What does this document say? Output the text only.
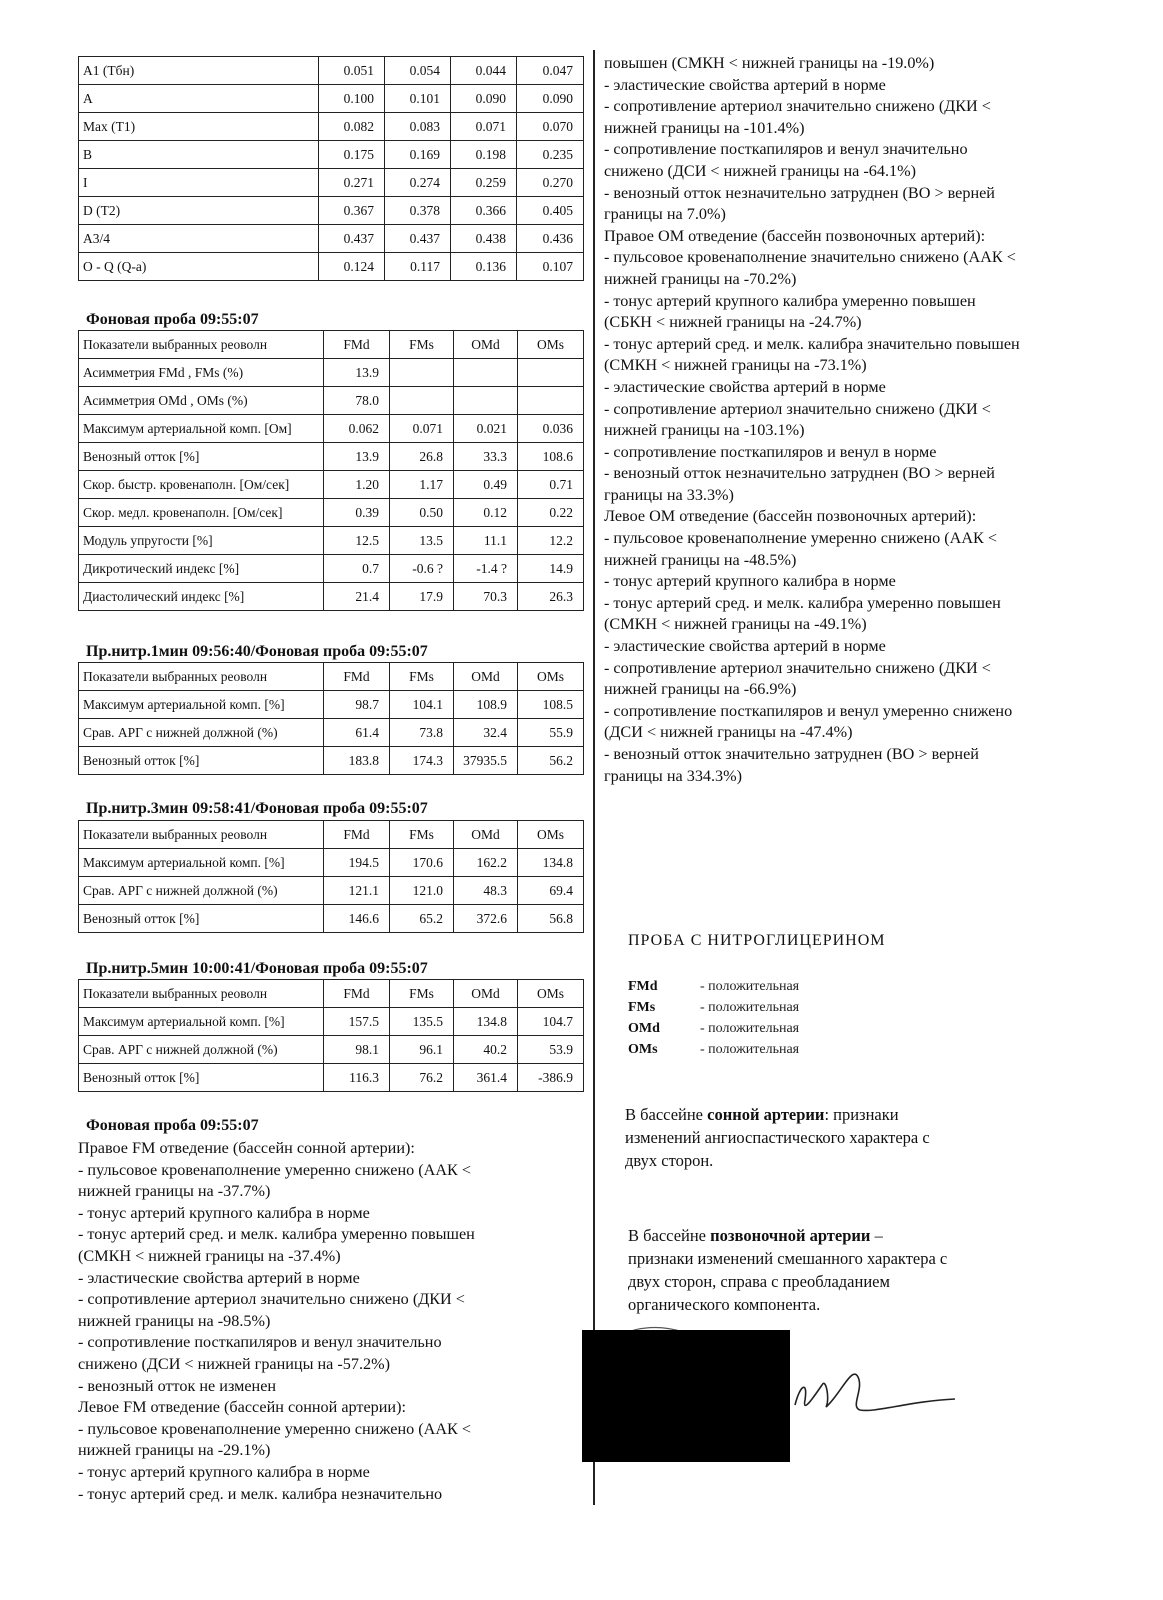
A1 (Тбн)	0.051	0.054	0.044	0.047
A	0.100	0.101	0.090	0.090
Max (T1)	0.082	0.083	0.071	0.070
B	0.175	0.169	0.198	0.235
I	0.271	0.274	0.259	0.270
D (T2)	0.367	0.378	0.366	0.405
A3/4	0.437	0.437	0.438	0.436
O - Q (Q-a)	0.124	0.117	0.136	0.107
Фоновая проба 09:55:07
Показатели выбранных реоволн	FMd	FMs	OMd	OMs
Асимметрия FMd , FMs (%)	13.9			
Асимметрия OMd , OMs (%)	78.0			
Максимум артериальной комп. [Ом]	0.062	0.071	0.021	0.036
Венозный отток [%]	13.9	26.8	33.3	108.6
Скор. быстр. кровенаполн. [Ом/сек]	1.20	1.17	0.49	0.71
Скор. медл. кровенаполн. [Ом/сек]	0.39	0.50	0.12	0.22
Модуль упругости [%]	12.5	13.5	11.1	12.2
Дикротический индекс [%]	0.7	-0.6 ?	-1.4 ?	14.9
Диастолический индекс [%]	21.4	17.9	70.3	26.3
Пр.нитр.1мин 09:56:40/Фоновая проба 09:55:07
Показатели выбранных реоволн	FMd	FMs	OMd	OMs
Максимум артериальной комп. [%]	98.7	104.1	108.9	108.5
Срав. АРГ с нижней должной (%)	61.4	73.8	32.4	55.9
Венозный отток [%]	183.8	174.3	37935.5	56.2
Пр.нитр.3мин 09:58:41/Фоновая проба 09:55:07
Показатели выбранных реоволн	FMd	FMs	OMd	OMs
Максимум артериальной комп. [%]	194.5	170.6	162.2	134.8
Срав. АРГ с нижней должной (%)	121.1	121.0	48.3	69.4
Венозный отток [%]	146.6	65.2	372.6	56.8
Пр.нитр.5мин 10:00:41/Фоновая проба 09:55:07
Показатели выбранных реоволн	FMd	FMs	OMd	OMs
Максимум артериальной комп. [%]	157.5	135.5	134.8	104.7
Срав. АРГ с нижней должной (%)	98.1	96.1	40.2	53.9
Венозный отток [%]	116.3	76.2	361.4	-386.9
Фоновая проба 09:55:07
Правое FM отведение (бассейн сонной артерии):
- пульсовое кровенаполнение умеренно снижено (ААК <
нижней границы на -37.7%)
- тонус артерий крупного калибра в норме
- тонус артерий сред. и мелк. калибра умеренно повышен
(СМКН < нижней границы на -37.4%)
- эластические свойства артерий в норме
- сопротивление артериол значительно снижено (ДКИ <
нижней границы на -98.5%)
- сопротивление посткапиляров и венул значительно
снижено (ДСИ < нижней границы на -57.2%)
- венозный отток не изменен
Левое FM отведение (бассейн сонной артерии):
- пульсовое кровенаполнение умеренно снижено (ААК <
нижней границы на -29.1%)
- тонус артерий крупного калибра в норме
- тонус артерий сред. и мелк. калибра незначительно
повышен (СМКН < нижней границы на -19.0%)
- эластические свойства артерий в норме
- сопротивление артериол значительно снижено (ДКИ <
нижней границы на -101.4%)
- сопротивление посткапиляров и венул значительно
снижено (ДСИ < нижней границы на -64.1%)
- венозный отток незначительно затруднен (ВО > верней
границы на 7.0%)
Правое ОМ отведение (бассейн позвоночных артерий):
- пульсовое кровенаполнение значительно снижено (ААК <
нижней границы на -70.2%)
- тонус артерий крупного калибра умеренно повышен
(СБКН < нижней границы на -24.7%)
- тонус артерий сред. и мелк. калибра значительно повышен
(СМКН < нижней границы на -73.1%)
- эластические свойства артерий в норме
- сопротивление артериол значительно снижено (ДКИ <
нижней границы на -103.1%)
- сопротивление посткапиляров и венул в норме
- венозный отток незначительно затруднен (ВО > верней
границы на 33.3%)
Левое ОМ отведение (бассейн позвоночных артерий):
- пульсовое кровенаполнение умеренно снижено (ААК <
нижней границы на -48.5%)
- тонус артерий крупного калибра в норме
- тонус артерий сред. и мелк. калибра умеренно повышен
(СМКН < нижней границы на -49.1%)
- эластические свойства артерий в норме
- сопротивление артериол значительно снижено (ДКИ <
нижней границы на -66.9%)
- сопротивление посткапиляров и венул умеренно снижено
(ДСИ < нижней границы на -47.4%)
- венозный отток значительно затруднен (ВО > верней
границы на 334.3%)
ПРОБА С НИТРОГЛИЦЕРИНОМ
FMd	- положительная
FMs	- положительная
OMd	- положительная
OMs	- положительная
В бассейне сонной артерии: признаки
изменений ангиоспастического характера с
двух сторон.
В бассейне позвоночной артерии –
признаки изменений смешанного характера с
двух сторон, справа с преобладанием
органического компонента.
